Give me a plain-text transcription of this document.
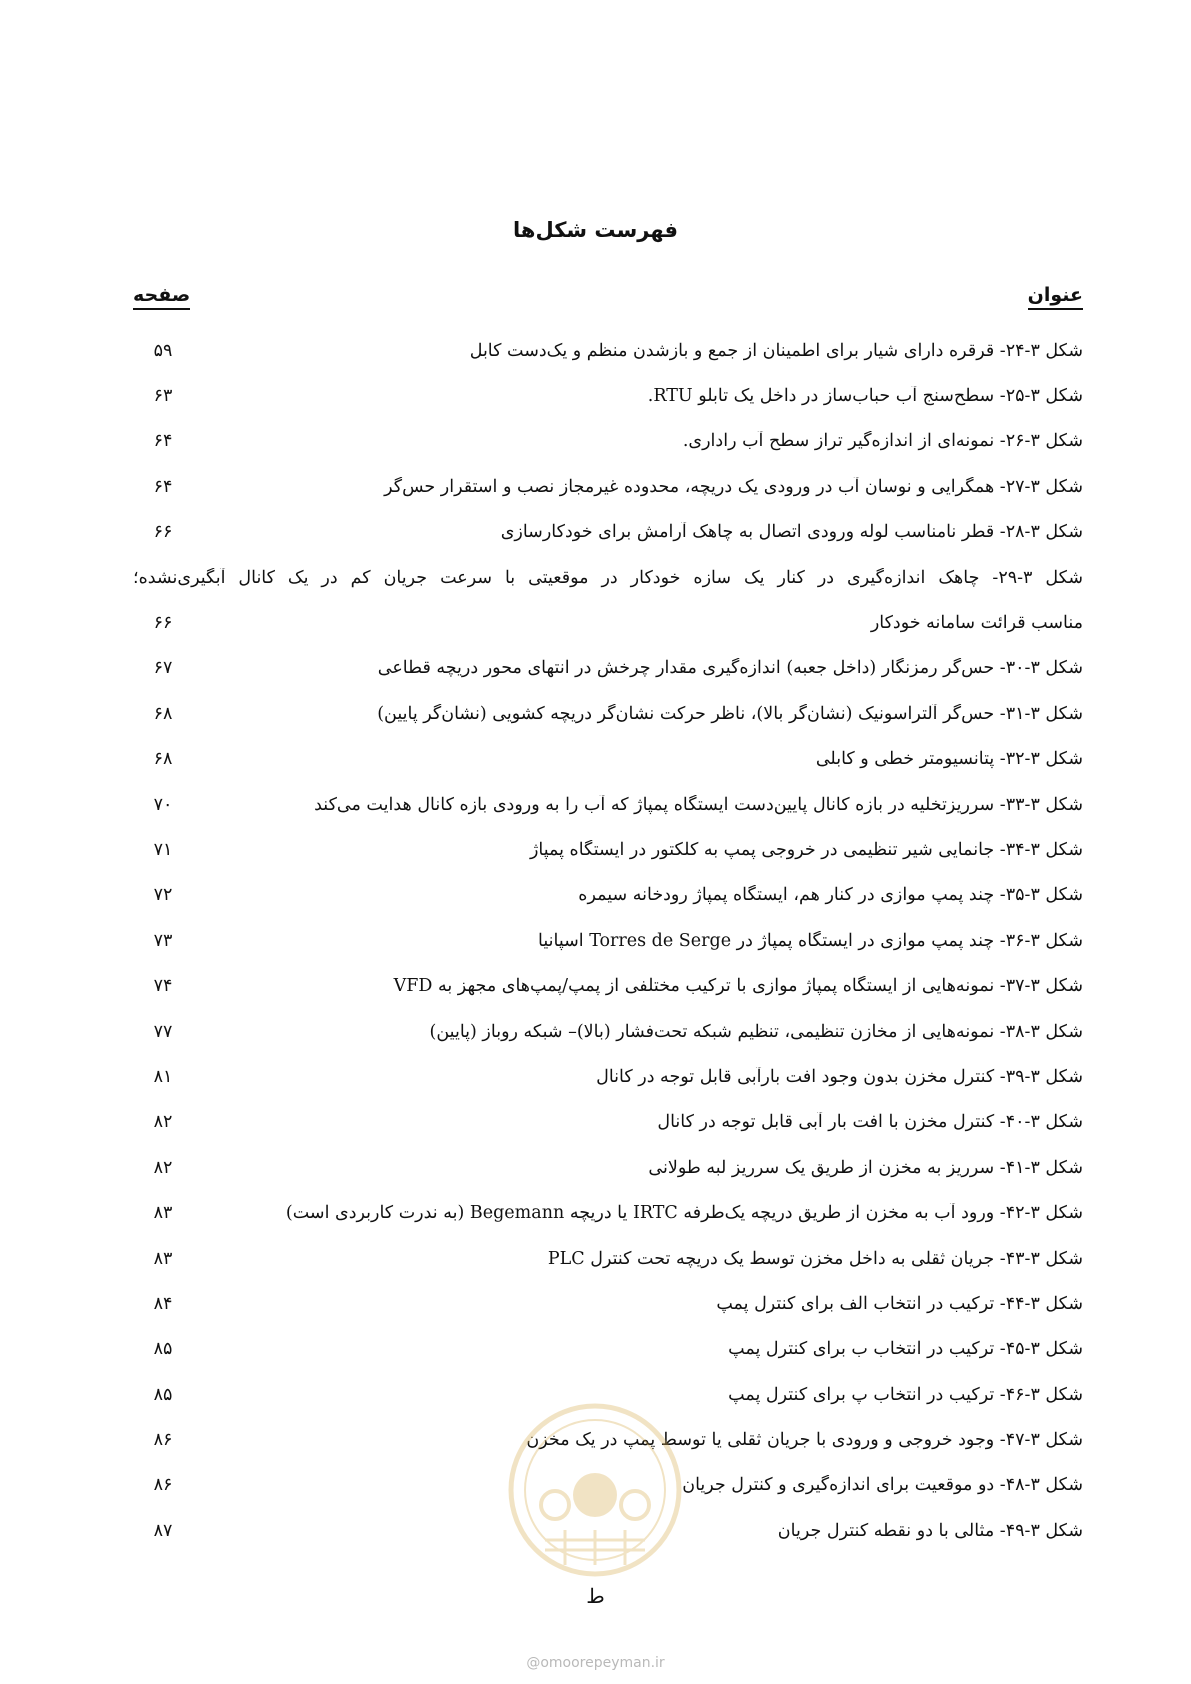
فهرست شکل‌ها
عنوان
صفحه
شکل ۳-۲۴- قرقره دارای شیار برای اطمینان از جمع و بازشدن منظم و یک‌دست کابل
۵۹
شکل ۳-۲۵- سطح‌سنج آب حباب‌ساز در داخل یک تابلو RTU.
۶۳
شکل ۳-۲۶- نمونه‌ای از اندازه‌گیر تراز سطح آب راداری.
۶۴
شکل ۳-۲۷- همگرایی و نوسان آب در ورودی یک دریچه، محدوده غیرمجاز نصب و استقرار حس‌گر
۶۴
شکل ۳-۲۸- قطر نامناسب لوله ورودی اتصال به چاهک آرامش برای خودکارسازی
۶۶
شکل ۳-۲۹- چاهک اندازه‌گیری در کنار یک سازه خودکار در موقعیتی با سرعت جریان کم در یک کانال آبگیری‌نشده؛
مناسب قرائت سامانه خودکار
۶۶
شکل ۳-۳۰- حس‌گر رمزنگار (داخل جعبه) اندازه‌گیری مقدار چرخش در انتهای محور دریچه قطاعی
۶۷
شکل ۳-۳۱- حس‌گر آلتراسونیک (نشان‌گر بالا)، ناظر حرکت نشان‌گر دریچه کشویی (نشان‌گر پایین)
۶۸
شکل ۳-۳۲- پتانسیومتر خطی و کابلی
۶۸
شکل ۳-۳۳- سرریزتخلیه در بازه کانال پایین‌دست ایستگاه پمپاژ که آب را به ورودی بازه کانال هدایت می‌کند
۷۰
شکل ۳-۳۴- جانمایی شیر تنظیمی در خروجی پمپ به کلکتور در ایستگاه پمپاژ
۷۱
شکل ۳-۳۵- چند پمپ موازی در کنار هم، ایستگاه پمپاژ رودخانه سیمره
۷۲
شکل ۳-۳۶- چند پمپ موازی در ایستگاه پمپاژ در Torres de Serge اسپانیا
۷۳
شکل ۳-۳۷- نمونه‌هایی از ایستگاه پمپاژ موازی با ترکیب مختلفی از پمپ/پمپ‌های مجهز به VFD
۷۴
شکل ۳-۳۸- نمونه‌هایی از مخازن تنظیمی، تنظیم شبکه تحت‌فشار (بالا)– شبکه روباز (پایین)
۷۷
شکل ۳-۳۹- کنترل مخزن بدون وجود افت بارآبی قابل توجه در کانال
۸۱
شکل ۳-۴۰- کنترل مخزن با افت بار آبی قابل توجه در کانال
۸۲
شکل ۳-۴۱- سرریز به مخزن از طریق یک سرریز لبه طولانی
۸۲
شکل ۳-۴۲- ورود آب به مخزن از طریق دریچه یک‌طرفه IRTC یا دریچه Begemann (به ندرت کاربردی است)
۸۳
شکل ۳-۴۳- جریان ثقلی به داخل مخزن توسط یک دریچه تحت کنترل PLC
۸۳
شکل ۳-۴۴- ترکیب در انتخاب الف برای کنترل پمپ
۸۴
شکل ۳-۴۵- ترکیب در انتخاب ب برای کنترل پمپ
۸۵
شکل ۳-۴۶- ترکیب در انتخاب پ برای کنترل پمپ
۸۵
شکل ۳-۴۷- وجود خروجی و ورودی با جریان ثقلی یا توسط پمپ در یک مخزن
۸۶
شکل ۳-۴۸- دو موقعیت برای اندازه‌گیری و کنترل جریان
۸۶
شکل ۳-۴۹- مثالی با دو نقطه کنترل جریان
۸۷
ط
@omoorepeyman.ir
